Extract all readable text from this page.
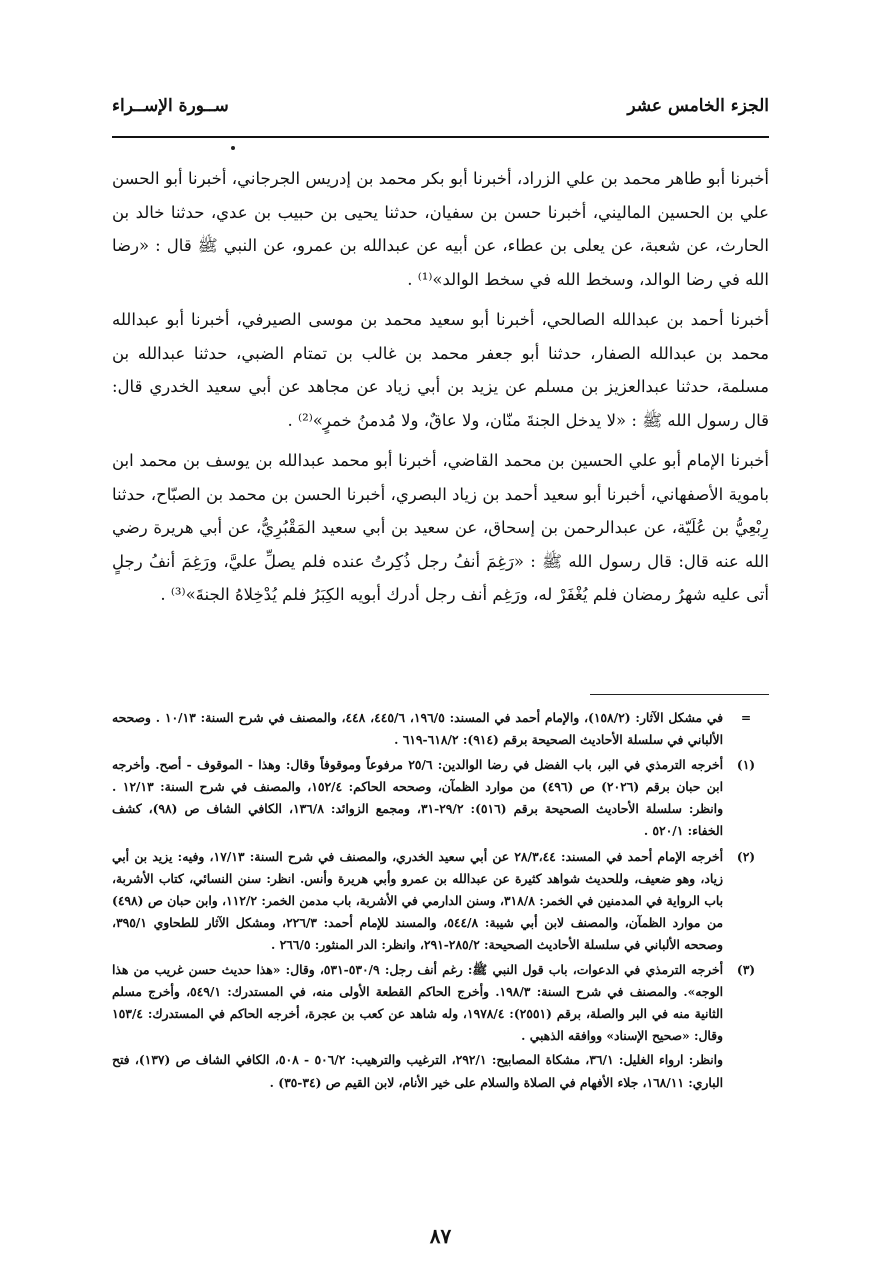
الجزء الخامس عشر
ســورة الإســراء

أخبرنا أبو طاهر محمد بن علي الزراد، أخبرنا أبو بكر محمد بن إدريس الجرجاني، أخبرنا أبو الحسن علي بن الحسين الماليني، أخبرنا حسن بن سفيان، حدثنا يحيى بن حبيب بن عدي، حدثنا خالد بن الحارث، عن شعبة، عن يعلى بن عطاء، عن أبيه عن عبدالله بن عمرو، عن النبي ﷺ قال : «رضا الله في رضا الوالد، وسخط الله في سخط الوالد»⁽¹⁾ .

أخبرنا أحمد بن عبدالله الصالحي، أخبرنا أبو سعيد محمد بن موسى الصيرفي، أخبرنا أبو عبدالله محمد بن عبدالله الصفار، حدثنا أبو جعفر محمد بن غالب بن تمتام الضبي، حدثنا عبدالله بن مسلمة، حدثنا عبدالعزيز بن مسلم عن يزيد بن أبي زياد عن مجاهد عن أبي سعيد الخدري قال: قال رسول الله ﷺ : «لا يدخل الجنةَ منّان، ولا عاقٌ، ولا مُدمنُ خمرٍ»⁽²⁾ .

أخبرنا الإمام أبو علي الحسين بن محمد القاضي، أخبرنا أبو محمد عبدالله بن يوسف بن محمد ابن باموية الأصفهاني، أخبرنا أبو سعيد أحمد بن زياد البصري، أخبرنا الحسن بن محمد بن الصبّاح، حدثنا رِبْعِيُّ بن عُلَيّة، عن عبدالرحمن بن إسحاق، عن سعيد بن أبي سعيد المَقْبُرِيُّ، عن أبي هريرة رضي الله عنه قال: قال رسول الله ﷺ : «رَغِمَ أنفُ رجل ذُكِرتُ عنده فلم يصلِّ عليَّ، ورَغِمَ أنفُ رجلٍ أتى عليه شهرُ رمضان فلم يُغْفَرْ له، ورَغِم أنف رجل أدرك أبويه الكِبَرُ فلم يُدْخِلاهُ الجنةَ»⁽³⁾ .

=
في مشكل الآثار: (١٥٨/٢)، والإمام أحمد في المسند: ١٩٦/٥، ٤٤٥/٦، ٤٤٨، والمصنف في شرح السنة: ١٠/١٣ . وصححه الألباني في سلسلة الأحاديث الصحيحة برقم (٩١٤): ٦١٨/٢-٦١٩ .
(١)
أخرجه الترمذي في البر، باب الفضل في رضا الوالدين: ٢٥/٦ مرفوعاً وموقوفاً وقال: وهذا - الموقوف - أصح. وأخرجه ابن حبان برقم (٢٠٢٦) ص (٤٩٦) من موارد الظمآن، وصححه الحاكم: ١٥٢/٤، والمصنف في شرح السنة: ١٢/١٣ . وانظر: سلسلة الأحاديث الصحيحة برقم (٥١٦): ٢٩/٢-٣١، ومجمع الزوائد: ١٣٦/٨، الكافي الشاف ص (٩٨)، كشف الخفاء: ٥٢٠/١ .
(٢)
أخرجه الإمام أحمد في المسند: ٢٨/٣،٤٤ عن أبي سعيد الخدري، والمصنف في شرح السنة: ١٧/١٣، وفيه: يزيد بن أبي زياد، وهو ضعيف، وللحديث شواهد كثيرة عن عبدالله بن عمرو وأبي هريرة وأنس. انظر: سنن النسائي، كتاب الأشربة، باب الرواية في المدمنين في الخمر: ٣١٨/٨، وسنن الدارمي في الأشربة، باب مدمن الخمر: ١١٢/٢، وابن حبان ص (٤٩٨) من موارد الظمآن، والمصنف لابن أبي شيبة: ٥٤٤/٨، والمسند للإمام أحمد: ٢٢٦/٣، ومشكل الآثار للطحاوي ٣٩٥/١، وصححه الألباني في سلسلة الأحاديث الصحيحة: ٢٨٥/٢-٢٩١، وانظر: الدر المنثور: ٢٦٦/٥ .
(٣)
أخرجه الترمذي في الدعوات، باب قول النبي ﷺ: رغم أنف رجل: ٥٣٠/٩-٥٣١، وقال: «هذا حديث حسن غريب من هذا الوجه». والمصنف في شرح السنة: ١٩٨/٣. وأخرج الحاكم القطعة الأولى منه، في المستدرك: ٥٤٩/١، وأخرج مسلم الثانية منه في البر والصلة، برقم (٢٥٥١): ١٩٧٨/٤، وله شاهد عن كعب بن عجرة، أخرجه الحاكم في المستدرك: ١٥٣/٤ وقال: «صحيح الإسناد» ووافقه الذهبي .

وانظر: ارواء الغليل: ٣٦/١، مشكاة المصابيح: ٢٩٢/١، الترغيب والترهيب: ٥٠٦/٢ - ٥٠٨، الكافي الشاف ص (١٣٧)، فتح الباري: ١٦٨/١١، جلاء الأفهام في الصلاة والسلام على خير الأنام، لابن القيم ص (٣٤-٣٥) .

٨٧
